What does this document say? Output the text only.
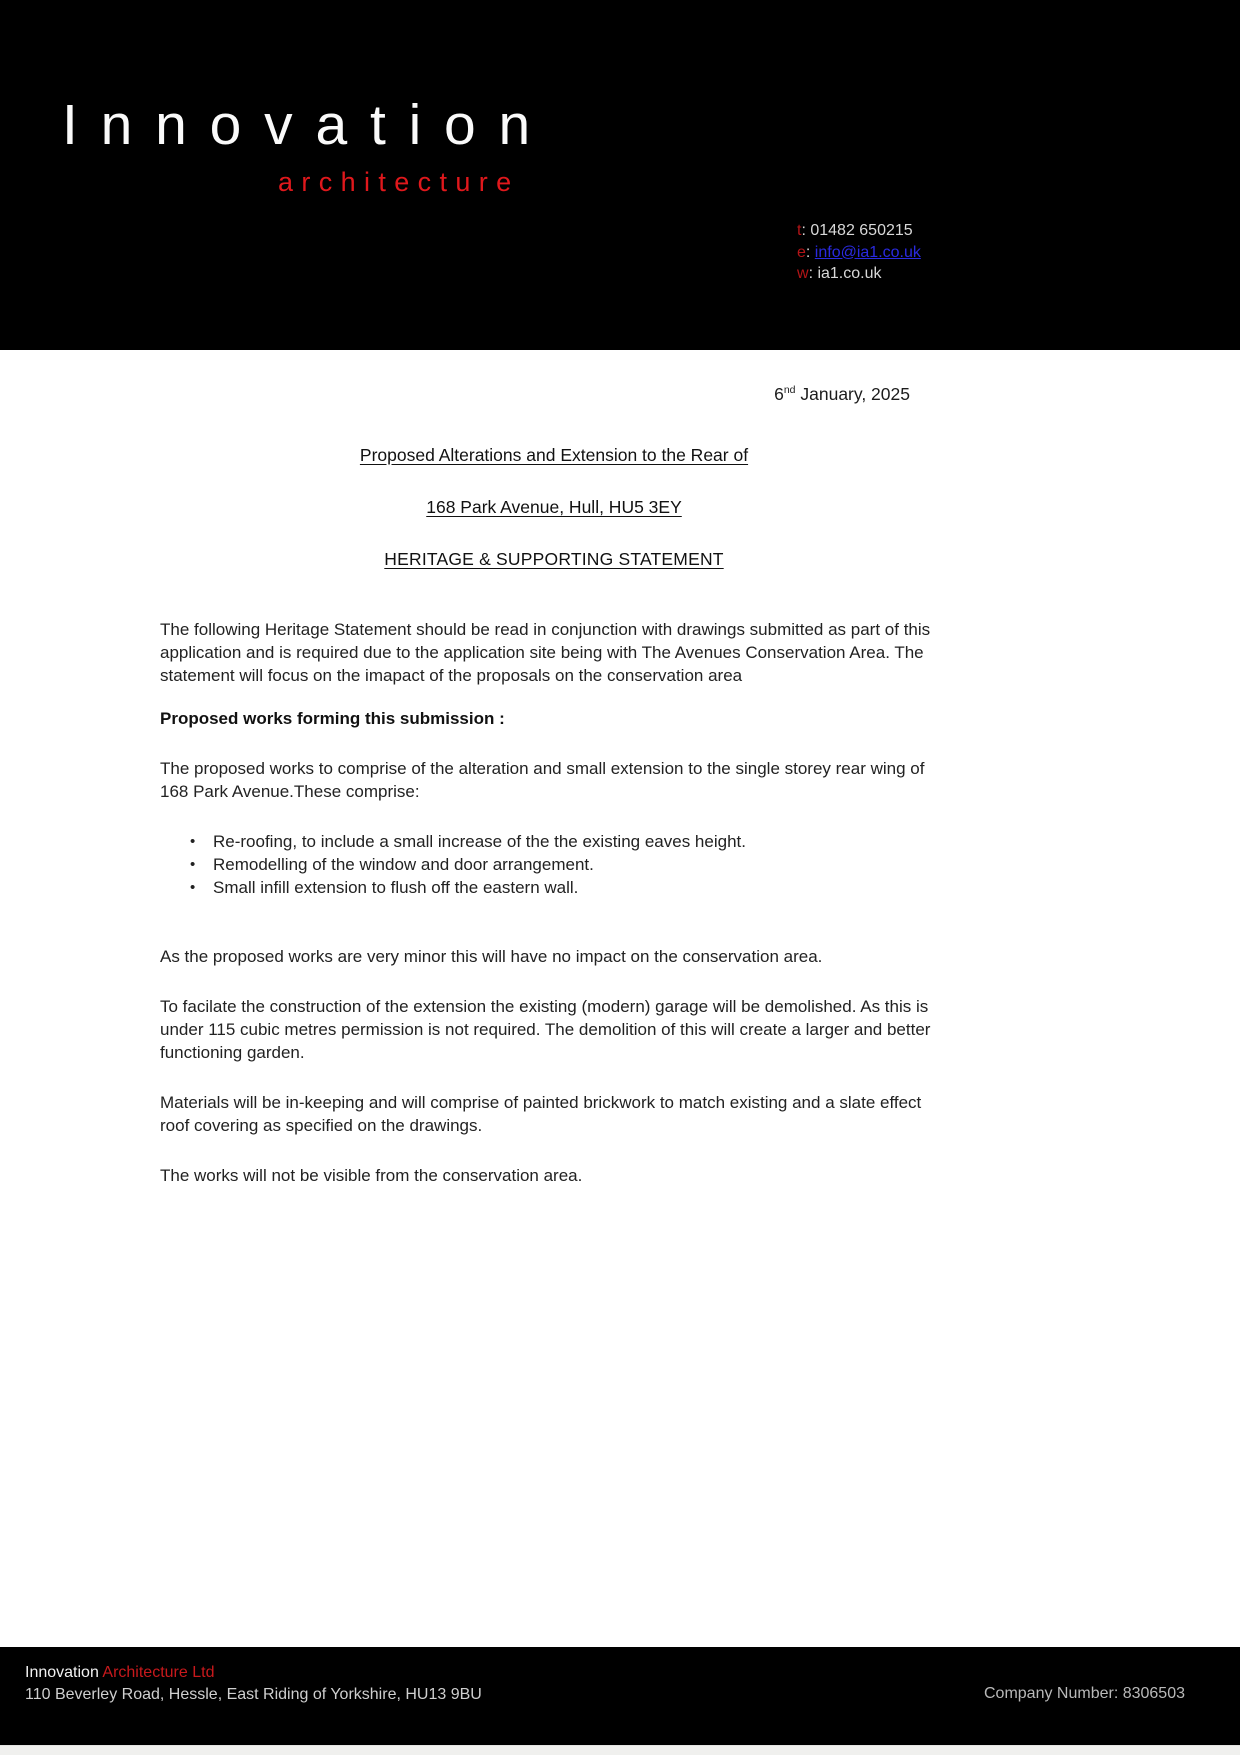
Innovation
architecture
t: 01482 650215
e: info@ia1.co.uk
w: ia1.co.uk
6nd January, 2025
Proposed Alterations and Extension to the Rear of
168 Park Avenue, Hull, HU5 3EY
HERITAGE & SUPPORTING STATEMENT

The following Heritage Statement should be read in conjunction with drawings submitted as part of this application and is required due to the application site being with The Avenues Conservation Area. The statement will focus on the imapact of the proposals on the conservation area

Proposed works forming this submission :

The proposed works to comprise of the alteration and small extension to the single storey rear wing of 168 Park Avenue.These comprise:

•	Re-roofing, to include a small increase of the the existing eaves height.
•	Remodelling of the window and door arrangement.
•	Small infill extension to flush off the eastern wall.

As the proposed works are very minor this will have no impact on the conservation area.

To facilate the construction of the extension the existing (modern) garage will be demolished. As this is under 115 cubic metres permission is not required. The demolition of this will create a larger and better functioning garden.

Materials will be in-keeping and will comprise of painted brickwork to match existing and a slate effect roof covering as specified on the drawings.

The works will not be visible from the conservation area.

Innovation Architecture Ltd
110 Beverley Road, Hessle, East Riding of Yorkshire, HU13 9BU	Company Number: 8306503
